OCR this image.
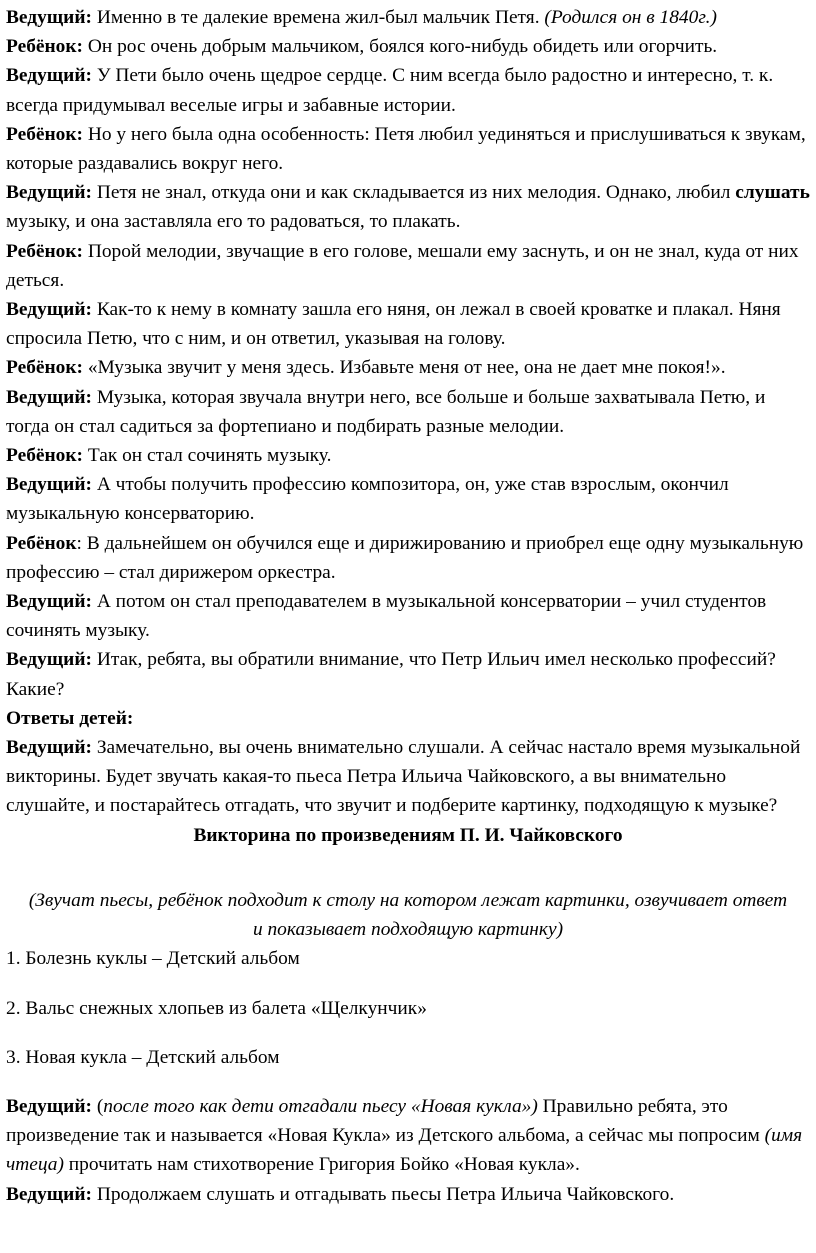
Ведущий: Именно в те далекие времена жил-был мальчик Петя. (Родился он в 1840г.)

Ребёнок: Он рос очень добрым мальчиком, боялся кого-нибудь обидеть или огорчить.

Ведущий: У Пети было очень щедрое сердце. С ним всегда было радостно и интересно, т. к. всегда придумывал веселые игры и забавные истории.

Ребёнок: Но у него была одна особенность: Петя любил уединяться и прислушиваться к звукам, которые раздавались вокруг него.

Ведущий: Петя не знал, откуда они и как складывается из них мелодия. Однако, любил слушать музыку, и она заставляла его то радоваться, то плакать.

Ребёнок: Порой мелодии, звучащие в его голове, мешали ему заснуть, и он не знал, куда от них деться.

Ведущий: Как-то к нему в комнату зашла его няня, он лежал в своей кроватке и плакал. Няня спросила Петю, что с ним, и он ответил, указывая на голову.

Ребёнок: «Музыка звучит у меня здесь. Избавьте меня от нее, она не дает мне покоя!».

Ведущий: Музыка, которая звучала внутри него, все больше и больше захватывала Петю, и тогда он стал садиться за фортепиано и подбирать разные мелодии.

Ребёнок: Так он стал сочинять музыку.

Ведущий: А чтобы получить профессию композитора, он, уже став взрослым, окончил музыкальную консерваторию.

Ребёнок: В дальнейшем он обучился еще и дирижированию и приобрел еще одну музыкальную профессию – стал дирижером оркестра.

Ведущий: А потом он стал преподавателем в музыкальной консерватории – учил студентов сочинять музыку.

Ведущий: Итак, ребята, вы обратили внимание, что Петр Ильич имел несколько профессий? Какие?

Ответы детей:

Ведущий: Замечательно, вы очень внимательно слушали. А сейчас настало время музыкальной викторины. Будет звучать какая-то пьеса Петра Ильича Чайковского, а вы внимательно слушайте, и постарайтесь отгадать, что звучит и подберите картинку, подходящую к музыке?

Викторина по произведениям П. И. Чайковского

(Звучат пьесы, ребёнок подходит к столу на котором лежат картинки, озвучивает ответ и показывает подходящую картинку)

1. Болезнь куклы – Детский альбом

2. Вальс снежных хлопьев из балета «Щелкунчик»

3. Новая кукла – Детский альбом

Ведущий: (после того как дети отгадали пьесу «Новая кукла») Правильно ребята, это произведение так и называется «Новая Кукла» из Детского альбома, а сейчас мы попросим (имя чтеца) прочитать нам стихотворение Григория Бойко «Новая кукла».

Ведущий: Продолжаем слушать и отгадывать пьесы Петра Ильича Чайковского.
